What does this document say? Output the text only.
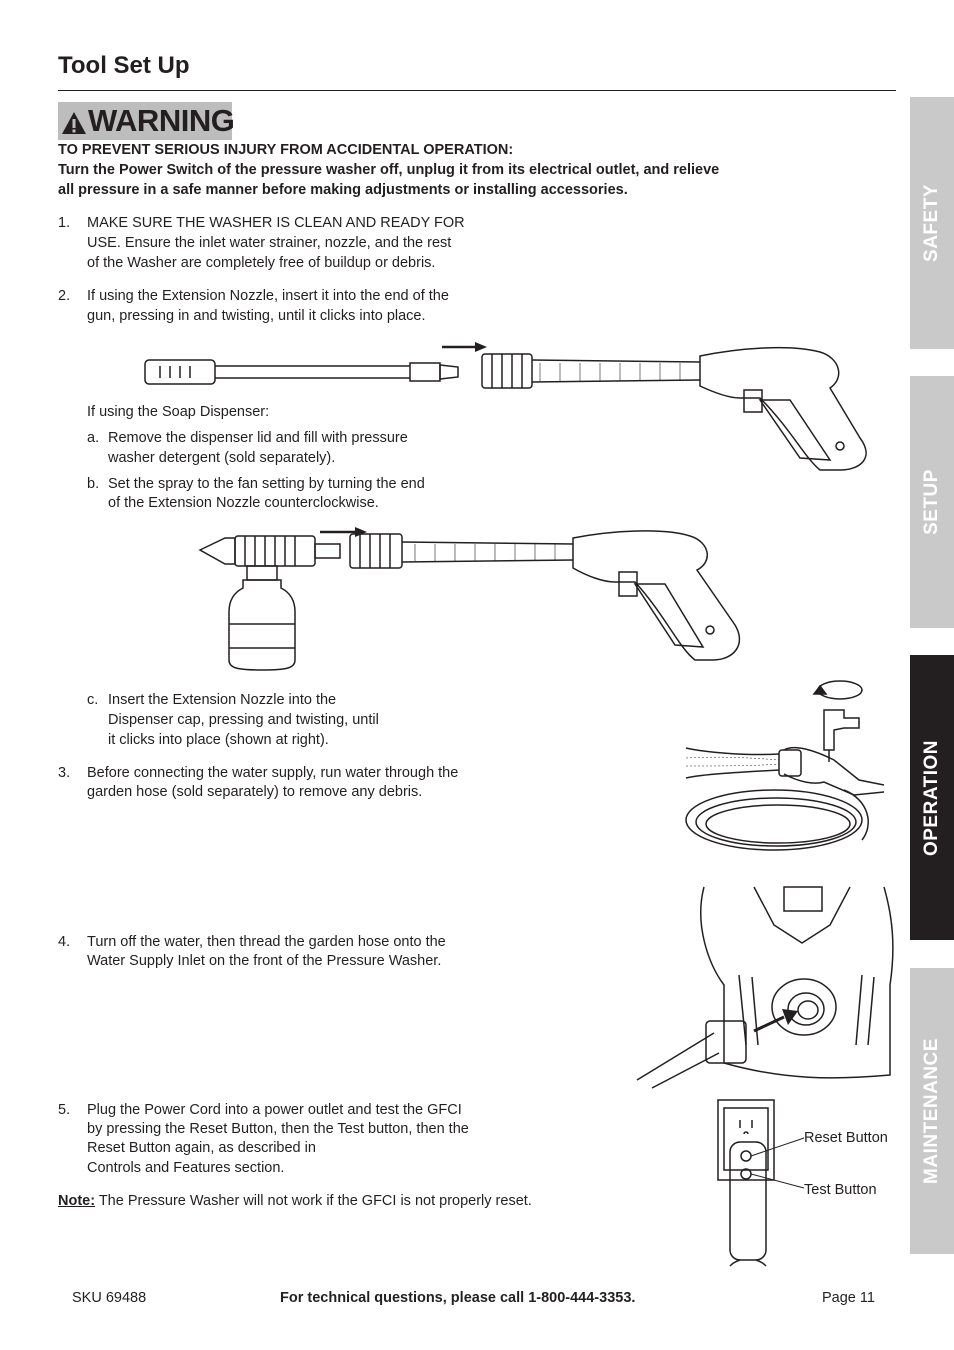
Tool Set Up
WARNING
TO PREVENT SERIOUS INJURY FROM ACCIDENTAL OPERATION:
Turn the Power Switch of the pressure washer off, unplug it from its electrical outlet, and relieve
all pressure in a safe manner before making adjustments or installing accessories.
1. MAKE SURE THE WASHER IS CLEAN AND READY FOR
USE. Ensure the inlet water strainer, nozzle, and the rest
of the Washer are completely free of buildup or debris.
2. If using the Extension Nozzle, insert it into the end of the
gun, pressing in and twisting, until it clicks into place.
If using the Soap Dispenser:
a. Remove the dispenser lid and fill with pressure
washer detergent (sold separately).
b. Set the spray to the fan setting by turning the end
of the Extension Nozzle counterclockwise.
c. Insert the Extension Nozzle into the
Dispenser cap, pressing and twisting, until
it clicks into place (shown at right).
3. Before connecting the water supply, run water through the
garden hose (sold separately) to remove any debris.
4. Turn off the water, then thread the garden hose onto the
Water Supply Inlet on the front of the Pressure Washer.
5. Plug the Power Cord into a power outlet and test the GFCI
by pressing the Reset Button, then the Test button, then the
Reset Button again, as described in
Controls and Features section.
Note: The Pressure Washer will not work if the GFCI is not properly reset.
Reset Button
Test Button
SAFETY
SETUP
OPERATION
MAINTENANCE
SKU 69488	For technical questions, please call 1-800-444-3353.	Page 11
